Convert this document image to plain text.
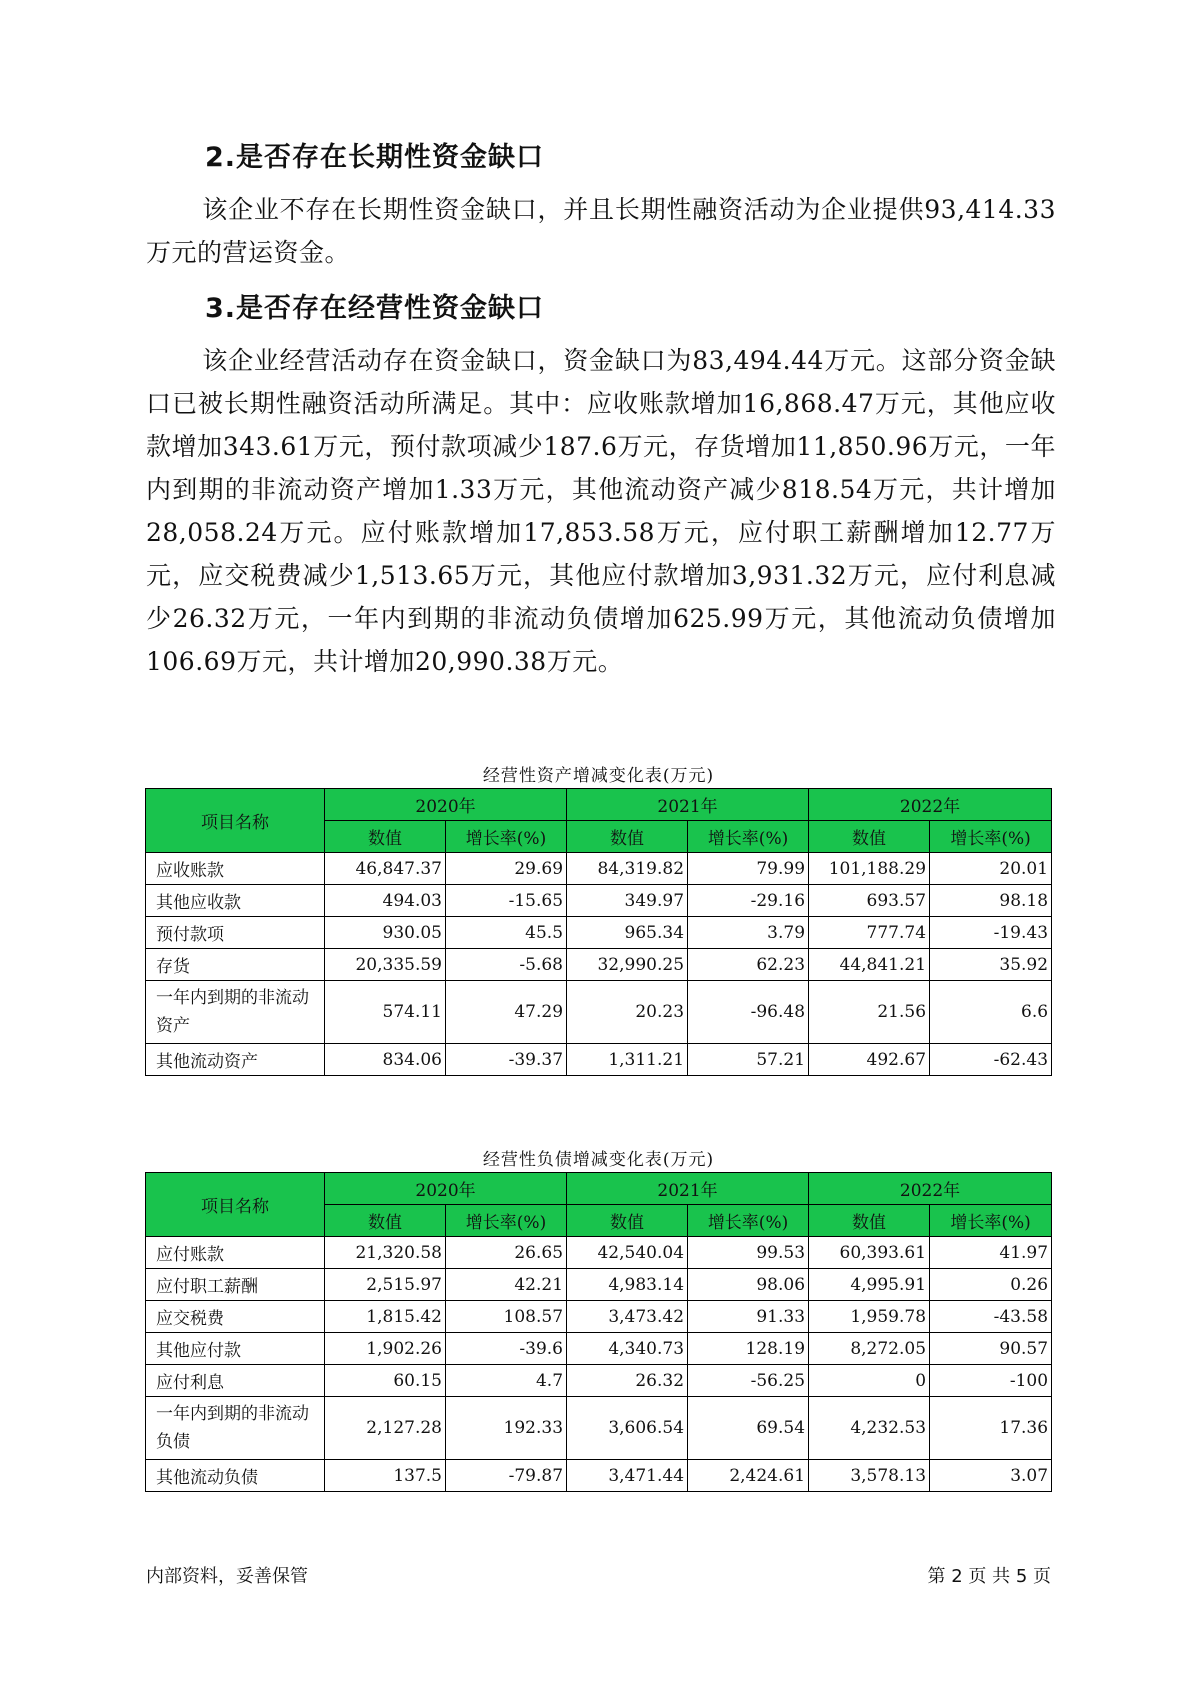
2.是否存在长期性资金缺口

该企业不存在长期性资金缺口，并且长期性融资活动为企业提供93,414.33万元的营运资金。

3.是否存在经营性资金缺口

该企业经营活动存在资金缺口，资金缺口为83,494.44万元。这部分资金缺口已被长期性融资活动所满足。其中：应收账款增加16,868.47万元，其他应收款增加343.61万元，预付款项减少187.6万元，存货增加11,850.96万元，一年内到期的非流动资产增加1.33万元，其他流动资产减少818.54万元，共计增加28,058.24万元。应付账款增加17,853.58万元，应付职工薪酬增加12.77万元，应交税费减少1,513.65万元，其他应付款增加3,931.32万元，应付利息减少26.32万元，一年内到期的非流动负债增加625.99万元，其他流动负债增加106.69万元，共计增加20,990.38万元。

经营性资产增减变化表(万元)
项目名称	2020年		2021年		2022年	
	数值	增长率(%)	数值	增长率(%)	数值	增长率(%)
应收账款	46,847.37	29.69	84,319.82	79.99	101,188.29	20.01
其他应收款	494.03	-15.65	349.97	-29.16	693.57	98.18
预付款项	930.05	45.5	965.34	3.79	777.74	-19.43
存货	20,335.59	-5.68	32,990.25	62.23	44,841.21	35.92
一年内到期的非流动资产	574.11	47.29	20.23	-96.48	21.56	6.6
其他流动资产	834.06	-39.37	1,311.21	57.21	492.67	-62.43
经营性负债增减变化表(万元)
项目名称	2020年		2021年		2022年	
	数值	增长率(%)	数值	增长率(%)	数值	增长率(%)
应付账款	21,320.58	26.65	42,540.04	99.53	60,393.61	41.97
应付职工薪酬	2,515.97	42.21	4,983.14	98.06	4,995.91	0.26
应交税费	1,815.42	108.57	3,473.42	91.33	1,959.78	-43.58
其他应付款	1,902.26	-39.6	4,340.73	128.19	8,272.05	90.57
应付利息	60.15	4.7	26.32	-56.25	0	-100
一年内到期的非流动负债	2,127.28	192.33	3,606.54	69.54	4,232.53	17.36
其他流动负债	137.5	-79.87	3,471.44	2,424.61	3,578.13	3.07
内部资料，妥善保管	第 2 页 共 5 页
